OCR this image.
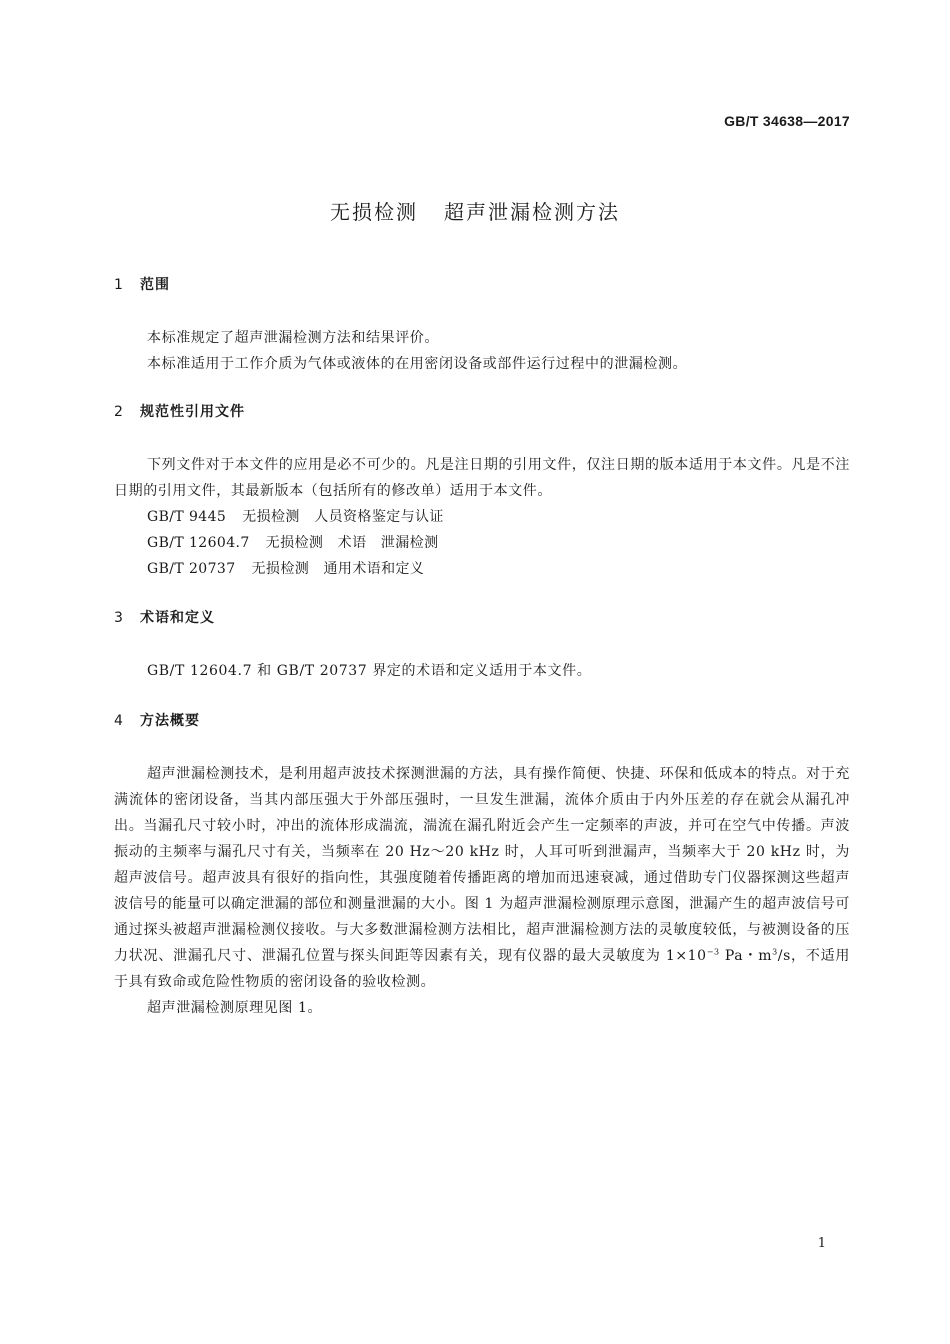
GB/T 34638—2017
无损检测 超声泄漏检测方法
1 范围

本标准规定了超声泄漏检测方法和结果评价。

本标准适用于工作介质为气体或液体的在用密闭设备或部件运行过程中的泄漏检测。

2 规范性引用文件

下列文件对于本文件的应用是必不可少的。凡是注日期的引用文件，仅注日期的版本适用于本文件。凡是不注日期的引用文件，其最新版本（包括所有的修改单）适用于本文件。

GB/T 9445 无损检测　人员资格鉴定与认证
GB/T 12604.7 无损检测　术语　泄漏检测
GB/T 20737 无损检测　通用术语和定义
3 术语和定义

GB/T 12604.7 和 GB/T 20737 界定的术语和定义适用于本文件。

4 方法概要

超声泄漏检测技术，是利用超声波技术探测泄漏的方法，具有操作简便、快捷、环保和低成本的特点。对于充满流体的密闭设备，当其内部压强大于外部压强时，一旦发生泄漏，流体介质由于内外压差的存在就会从漏孔冲出。当漏孔尺寸较小时，冲出的流体形成湍流，湍流在漏孔附近会产生一定频率的声波，并可在空气中传播。声波振动的主频率与漏孔尺寸有关，当频率在 20 Hz～20 kHz 时，人耳可听到泄漏声，当频率大于 20 kHz 时，为超声波信号。超声波具有很好的指向性，其强度随着传播距离的增加而迅速衰减，通过借助专门仪器探测这些超声波信号的能量可以确定泄漏的部位和测量泄漏的大小。图 1 为超声泄漏检测原理示意图，泄漏产生的超声波信号可通过探头被超声泄漏检测仪接收。与大多数泄漏检测方法相比，超声泄漏检测方法的灵敏度较低，与被测设备的压力状况、泄漏孔尺寸、泄漏孔位置与探头间距等因素有关，现有仪器的最大灵敏度为 $1\times 10^{-3}$ Pa・$m^3/s$，不适用于具有致命或危险性物质的密闭设备的验收检测。

超声泄漏检测原理见图 1。

1
